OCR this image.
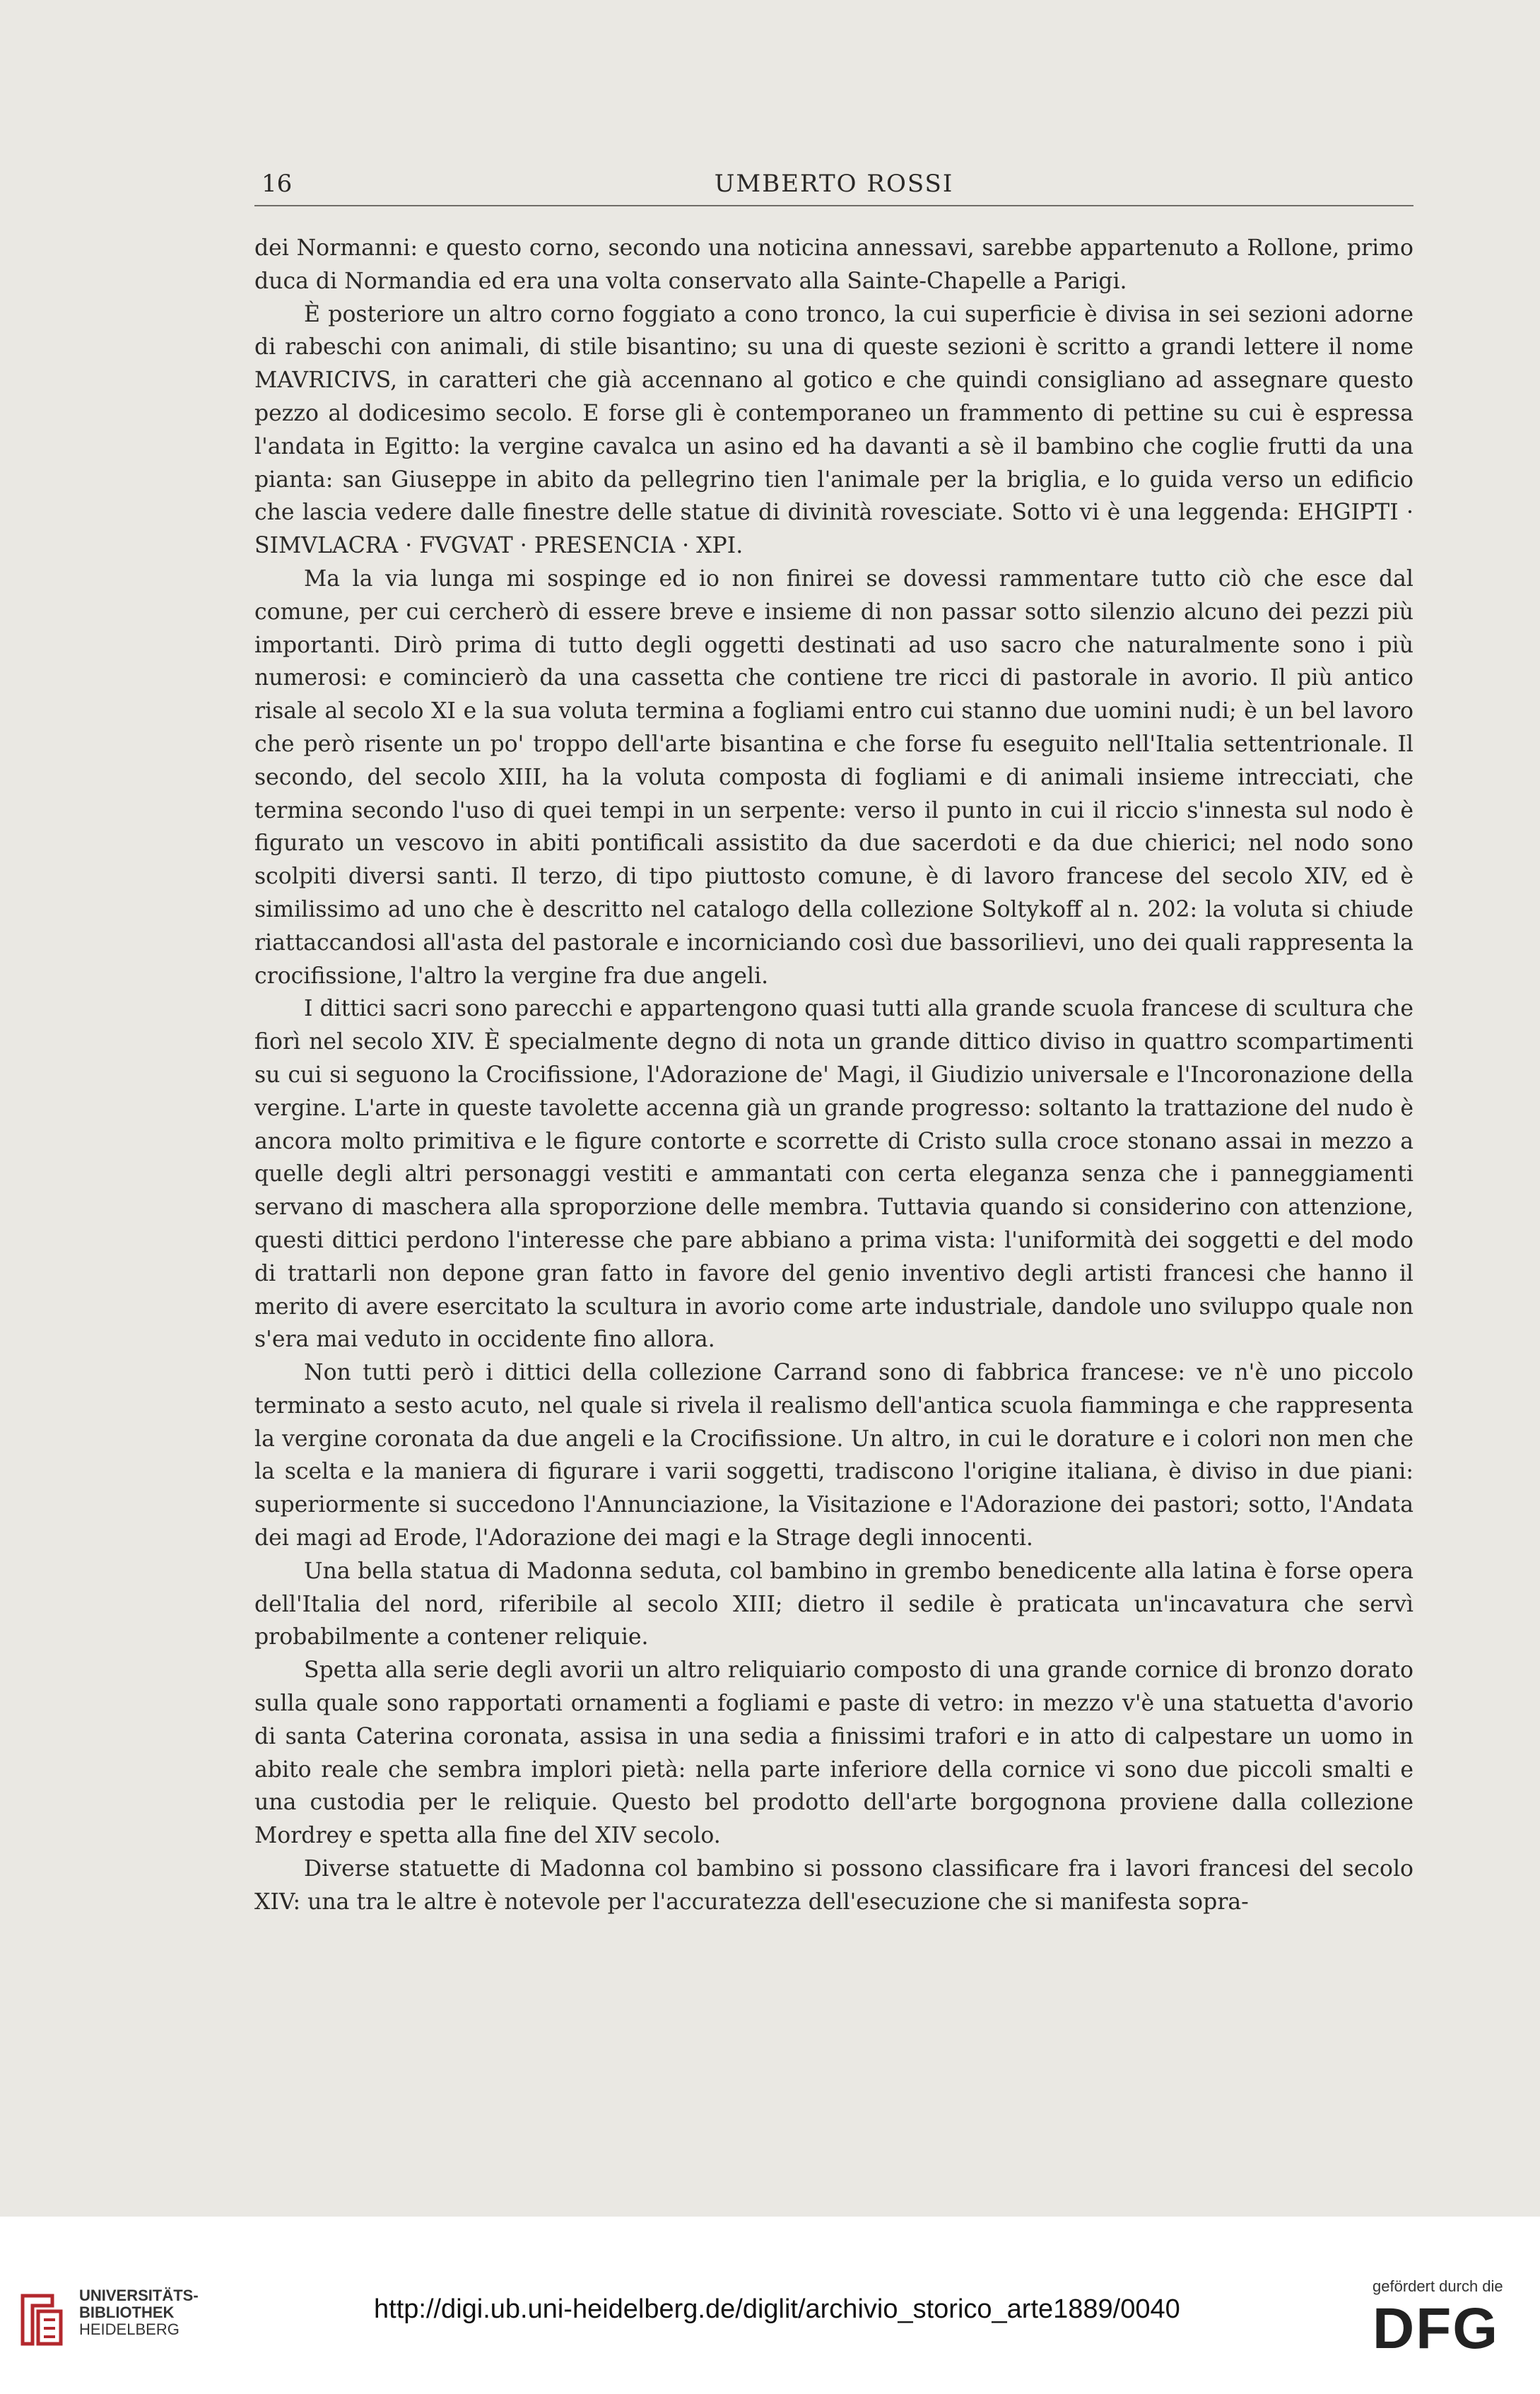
16	UMBERTO ROSSI

dei Normanni: e questo corno, secondo una noticina annessavi, sarebbe appartenuto a Rollone, primo duca di Normandia ed era una volta conservato alla Sainte-Chapelle a Parigi.

È posteriore un altro corno foggiato a cono tronco, la cui superficie è divisa in sei sezioni adorne di rabeschi con animali, di stile bisantino; su una di queste sezioni è scritto a grandi lettere il nome MAVRICIVS, in caratteri che già accennano al gotico e che quindi consigliano ad assegnare questo pezzo al dodicesimo secolo. E forse gli è contemporaneo un frammento di pettine su cui è espressa l'andata in Egitto: la vergine cavalca un asino ed ha davanti a sè il bambino che coglie frutti da una pianta: san Giuseppe in abito da pellegrino tien l'animale per la briglia, e lo guida verso un edificio che lascia vedere dalle finestre delle statue di divinità rovesciate. Sotto vi è una leggenda: EHGIPTI · SIMVLACRA · FVGVAT · PRESENCIA · XPI.

Ma la via lunga mi sospinge ed io non finirei se dovessi rammentare tutto ciò che esce dal comune, per cui cercherò di essere breve e insieme di non passar sotto silenzio alcuno dei pezzi più importanti. Dirò prima di tutto degli oggetti destinati ad uso sacro che naturalmente sono i più numerosi: e comincierò da una cassetta che contiene tre ricci di pastorale in avorio. Il più antico risale al secolo XI e la sua voluta termina a fogliami entro cui stanno due uomini nudi; è un bel lavoro che però risente un po' troppo dell'arte bisantina e che forse fu eseguito nell'Italia settentrionale. Il secondo, del secolo XIII, ha la voluta composta di fogliami e di animali insieme intrecciati, che termina secondo l'uso di quei tempi in un serpente: verso il punto in cui il riccio s'innesta sul nodo è figurato un vescovo in abiti pontificali assistito da due sacerdoti e da due chierici; nel nodo sono scolpiti diversi santi. Il terzo, di tipo piuttosto comune, è di lavoro francese del secolo XIV, ed è similissimo ad uno che è descritto nel catalogo della collezione Soltykoff al n. 202: la voluta si chiude riattaccandosi all'asta del pastorale e incorniciando così due bassorilievi, uno dei quali rappresenta la crocifissione, l'altro la vergine fra due angeli.

I dittici sacri sono parecchi e appartengono quasi tutti alla grande scuola francese di scultura che fiorì nel secolo XIV. È specialmente degno di nota un grande dittico diviso in quattro scompartimenti su cui si seguono la Crocifissione, l'Adorazione de' Magi, il Giudizio universale e l'Incoronazione della vergine. L'arte in queste tavolette accenna già un grande progresso: soltanto la trattazione del nudo è ancora molto primitiva e le figure contorte e scorrette di Cristo sulla croce stonano assai in mezzo a quelle degli altri personaggi vestiti e ammantati con certa eleganza senza che i panneggiamenti servano di maschera alla sproporzione delle membra. Tuttavia quando si considerino con attenzione, questi dittici perdono l'interesse che pare abbiano a prima vista: l'uniformità dei soggetti e del modo di trattarli non depone gran fatto in favore del genio inventivo degli artisti francesi che hanno il merito di avere esercitato la scultura in avorio come arte industriale, dandole uno sviluppo quale non s'era mai veduto in occidente fino allora.

Non tutti però i dittici della collezione Carrand sono di fabbrica francese: ve n'è uno piccolo terminato a sesto acuto, nel quale si rivela il realismo dell'antica scuola fiamminga e che rappresenta la vergine coronata da due angeli e la Crocifissione. Un altro, in cui le dorature e i colori non men che la scelta e la maniera di figurare i varii soggetti, tradiscono l'origine italiana, è diviso in due piani: superiormente si succedono l'Annunciazione, la Visitazione e l'Adorazione dei pastori; sotto, l'Andata dei magi ad Erode, l'Adorazione dei magi e la Strage degli innocenti.

Una bella statua di Madonna seduta, col bambino in grembo benedicente alla latina è forse opera dell'Italia del nord, riferibile al secolo XIII; dietro il sedile è praticata un'incavatura che servì probabilmente a contener reliquie.

Spetta alla serie degli avorii un altro reliquiario composto di una grande cornice di bronzo dorato sulla quale sono rapportati ornamenti a fogliami e paste di vetro: in mezzo v'è una statuetta d'avorio di santa Caterina coronata, assisa in una sedia a finissimi trafori e in atto di calpestare un uomo in abito reale che sembra implori pietà: nella parte inferiore della cornice vi sono due piccoli smalti e una custodia per le reliquie. Questo bel prodotto dell'arte borgognona proviene dalla collezione Mordrey e spetta alla fine del XIV secolo.

Diverse statuette di Madonna col bambino si possono classificare fra i lavori francesi del secolo XIV: una tra le altre è notevole per l'accuratezza dell'esecuzione che si manifesta sopra-

UNIVERSITÄTS-
BIBLIOTHEK
HEIDELBERG
http://digi.ub.uni-heidelberg.de/diglit/archivio_storico_arte1889/0040
gefördert durch die
DFG
